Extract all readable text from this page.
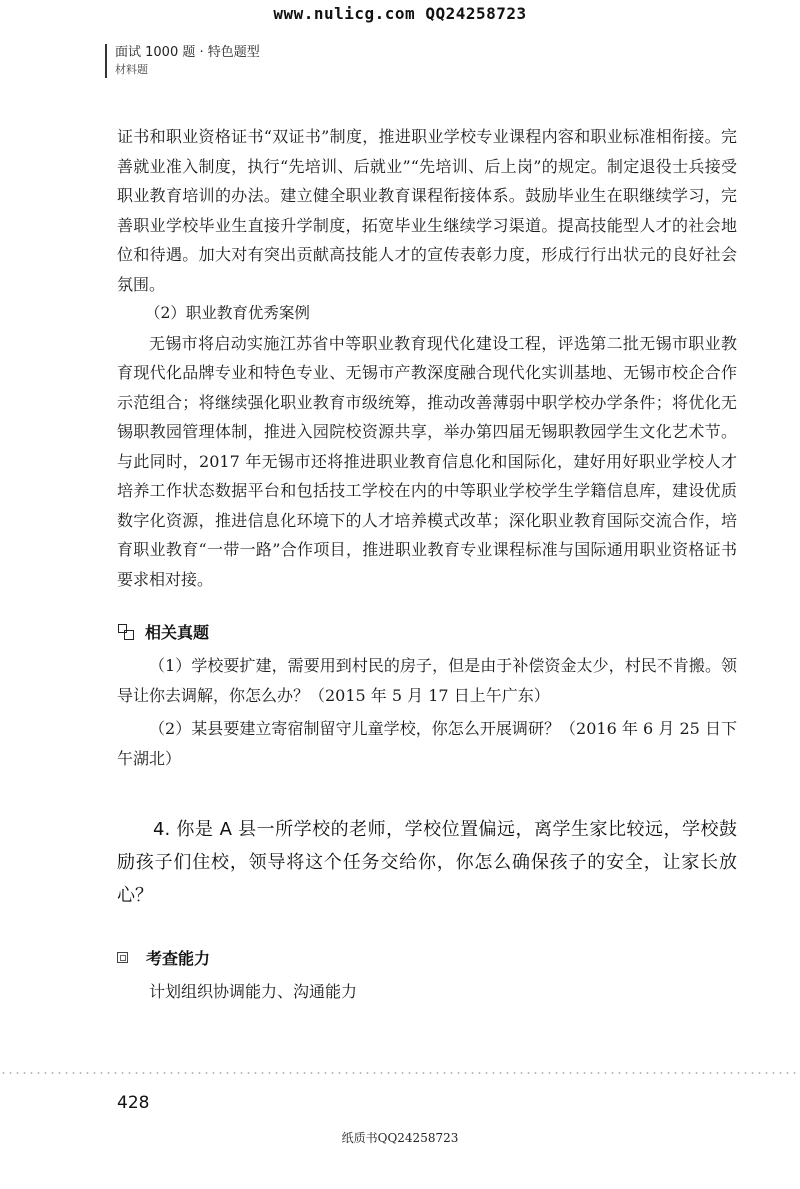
www.nulicg.com QQ24258723
面试 1000 题 · 特色题型
材料题

证书和职业资格证书“双证书”制度，推进职业学校专业课程内容和职业标准相衔接。完善就业准入制度，执行“先培训、后就业”“先培训、后上岗”的规定。制定退役士兵接受职业教育培训的办法。建立健全职业教育课程衔接体系。鼓励毕业生在职继续学习，完善职业学校毕业生直接升学制度，拓宽毕业生继续学习渠道。提高技能型人才的社会地位和待遇。加大对有突出贡献高技能人才的宣传表彰力度，形成行行出状元的良好社会氛围。

（2）职业教育优秀案例

无锡市将启动实施江苏省中等职业教育现代化建设工程，评选第二批无锡市职业教育现代化品牌专业和特色专业、无锡市产教深度融合现代化实训基地、无锡市校企合作示范组合；将继续强化职业教育市级统筹，推动改善薄弱中职学校办学条件；将优化无锡职教园管理体制，推进入园院校资源共享，举办第四届无锡职教园学生文化艺术节。与此同时，2017 年无锡市还将推进职业教育信息化和国际化，建好用好职业学校人才培养工作状态数据平台和包括技工学校在内的中等职业学校学生学籍信息库，建设优质数字化资源，推进信息化环境下的人才培养模式改革；深化职业教育国际交流合作，培育职业教育“一带一路”合作项目，推进职业教育专业课程标准与国际通用职业资格证书要求相对接。

相关真题

（1）学校要扩建，需要用到村民的房子，但是由于补偿资金太少，村民不肯搬。领导让你去调解，你怎么办？（2015 年 5 月 17 日上午广东）

（2）某县要建立寄宿制留守儿童学校，你怎么开展调研？（2016 年 6 月 25 日下午湖北）

4. 你是 A 县一所学校的老师，学校位置偏远，离学生家比较远，学校鼓励孩子们住校，领导将这个任务交给你，你怎么确保孩子的安全，让家长放心？

考查能力

计划组织协调能力、沟通能力

428
纸质书QQ24258723
